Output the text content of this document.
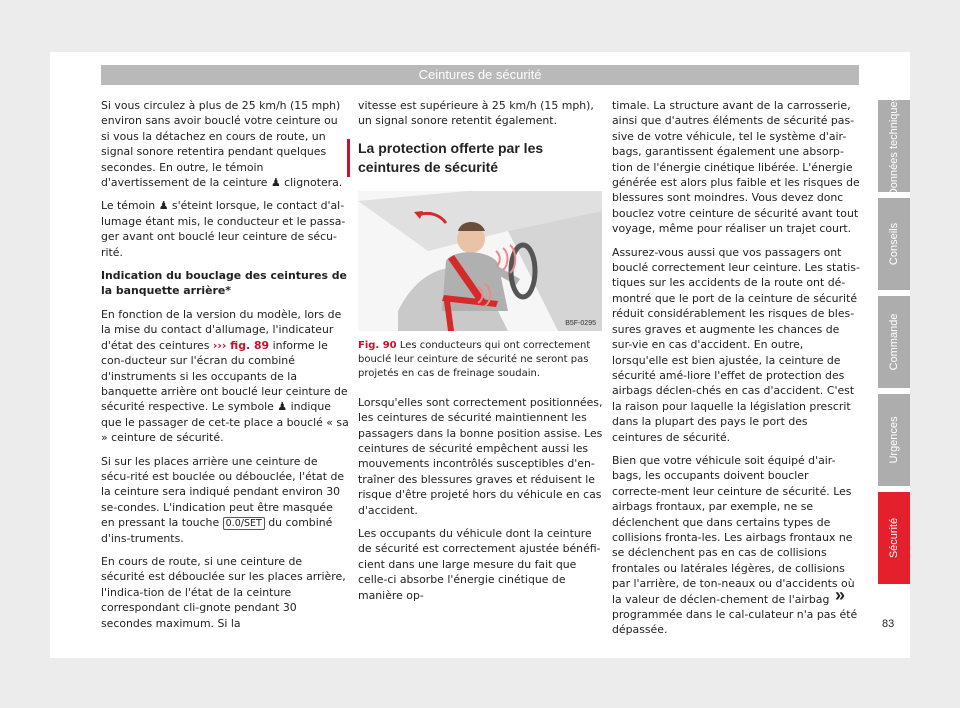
Ceintures de sécurité

Si vous circulez à plus de 25 km/h (15 mph) environ sans avoir bouclé votre ceinture ou si vous la détachez en cours de route, un signal sonore retentira pendant quelques secondes. En outre, le témoin d'avertissement de la ceinture ♟ clignotera.

Le témoin ♟ s'éteint lorsque, le contact d'al-lumage étant mis, le conducteur et le passa-ger avant ont bouclé leur ceinture de sécu-rité.

Indication du bouclage des ceintures de la banquette arrière*

En fonction de la version du modèle, lors de la mise du contact d'allumage, l'indicateur d'état des ceintures ››› fig. 89 informe le con-ducteur sur l'écran du combiné d'instruments si les occupants de la banquette arrière ont bouclé leur ceinture de sécurité respective. Le symbole ♟ indique que le passager de cet-te place a bouclé « sa » ceinture de sécurité.

Si sur les places arrière une ceinture de sécu-rité est bouclée ou débouclée, l'état de la ceinture sera indiqué pendant environ 30 se-condes. L'indication peut être masquée en pressant la touche 0.0/SET du combiné d'ins-truments.

En cours de route, si une ceinture de sécurité est débouclée sur les places arrière, l'indica-tion de l'état de la ceinture correspondant cli-gnote pendant 30 secondes maximum. Si la

vitesse est supérieure à 25 km/h (15 mph), un signal sonore retentit également.

La protection offerte par les ceintures de sécurité
B5F-0295
Fig. 90 Les conducteurs qui ont correctement bouclé leur ceinture de sécurité ne seront pas projetés en cas de freinage soudain.

Lorsqu'elles sont correctement positionnées, les ceintures de sécurité maintiennent les passagers dans la bonne position assise. Les ceintures de sécurité empêchent aussi les mouvements incontrôlés susceptibles d'en-traîner des blessures graves et réduisent le risque d'être projeté hors du véhicule en cas d'accident.

Les occupants du véhicule dont la ceinture de sécurité est correctement ajustée bénéfi-cient dans une large mesure du fait que celle-ci absorbe l'énergie cinétique de manière op-

timale. La structure avant de la carrosserie, ainsi que d'autres éléments de sécurité pas-sive de votre véhicule, tel le système d'air-bags, garantissent également une absorp-tion de l'énergie cinétique libérée. L'énergie générée est alors plus faible et les risques de blessures sont moindres. Vous devez donc bouclez votre ceinture de sécurité avant tout voyage, même pour réaliser un trajet court.

Assurez-vous aussi que vos passagers ont bouclé correctement leur ceinture. Les statis-tiques sur les accidents de la route ont dé-montré que le port de la ceinture de sécurité réduit considérablement les risques de bles-sures graves et augmente les chances de sur-vie en cas d'accident. En outre, lorsqu'elle est bien ajustée, la ceinture de sécurité amé-liore l'effet de protection des airbags déclen-chés en cas d'accident. C'est la raison pour laquelle la législation prescrit dans la plupart des pays le port des ceintures de sécurité.

Bien que votre véhicule soit équipé d'air-bags, les occupants doivent boucler correcte-ment leur ceinture de sécurité. Les airbags frontaux, par exemple, ne se déclenchent que dans certains types de collisions fronta-les. Les airbags frontaux ne se déclenchent pas en cas de collisions frontales ou latérales légères, de collisions par l'arrière, de ton-neaux ou d'accidents où la valeur de déclen-chement de l'airbag programmée dans le cal-culateur n'a pas été dépassée.

»
83
Données techniques
Conseils
Commande
Urgences
Sécurité
